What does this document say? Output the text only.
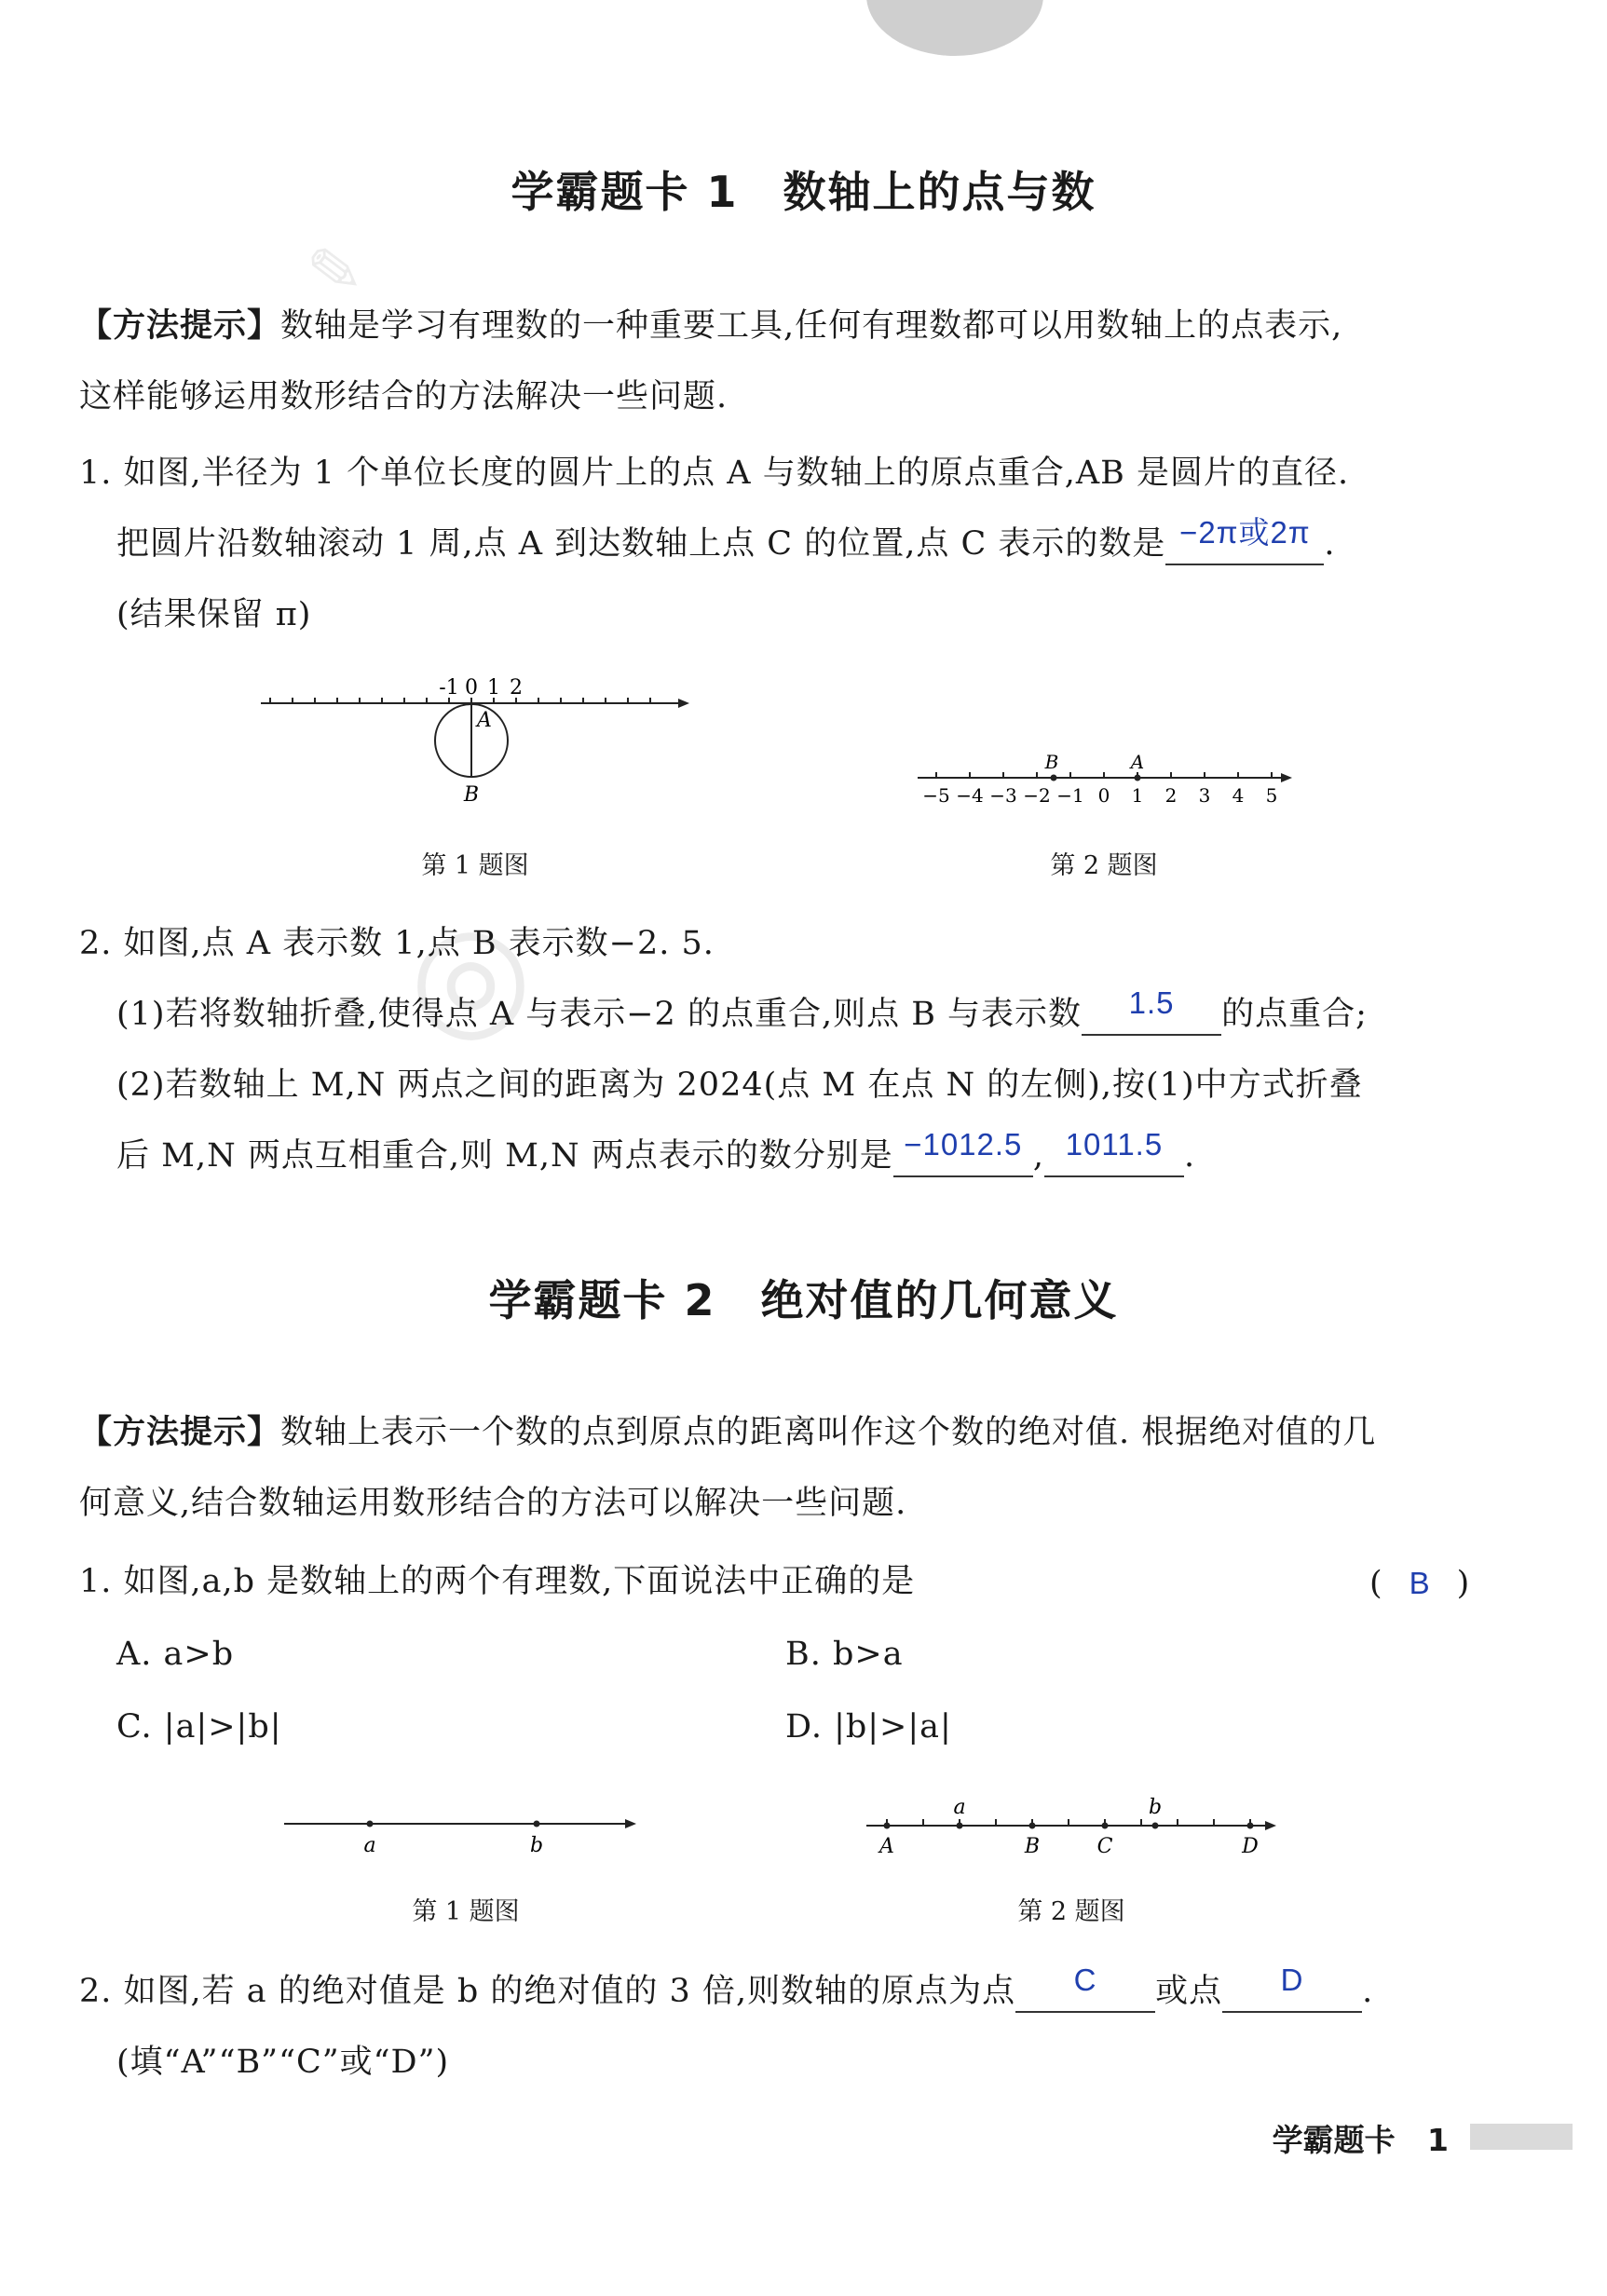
✎
◎
学霸题卡 1 数轴上的点与数
【方法提示】数轴是学习有理数的一种重要工具,任何有理数都可以用数轴上的点表示,
这样能够运用数形结合的方法解决一些问题.
1. 如图,半径为 1 个单位长度的圆片上的点 A 与数轴上的原点重合,AB 是圆片的直径.
把圆片沿数轴滚动 1 周,点 A 到达数轴上点 C 的位置,点 C 表示的数是 −2π或2π .
(结果保留 π)
-1 0 1 2
A
B
第 1 题图
B	A
−5 −4 −3 −2 −1 0 1 2 3 4 5
第 2 题图
2. 如图,点 A 表示数 1,点 B 表示数−2. 5.
(1)若将数轴折叠,使得点 A 与表示−2 的点重合,则点 B 与表示数 1.5 的点重合;
(2)若数轴上 M,N 两点之间的距离为 2024(点 M 在点 N 的左侧),按(1)中方式折叠
后 M,N 两点互相重合,则 M,N 两点表示的数分别是 −1012.5 , 1011.5 .
学霸题卡 2 绝对值的几何意义
【方法提示】数轴上表示一个数的点到原点的距离叫作这个数的绝对值. 根据绝对值的几
何意义,结合数轴运用数形结合的方法可以解决一些问题.
1. 如图,a,b 是数轴上的两个有理数,下面说法中正确的是	( B )
A. a>b	B. b>a
C. |a|>|b|	D. |b|>|a|
a	b
第 1 题图
a	b
A	B	C	D
第 2 题图
2. 如图,若 a 的绝对值是 b 的绝对值的 3 倍,则数轴的原点为点 C 或点 D .
(填“A”“B”“C”或“D”)
学霸题卡 1
